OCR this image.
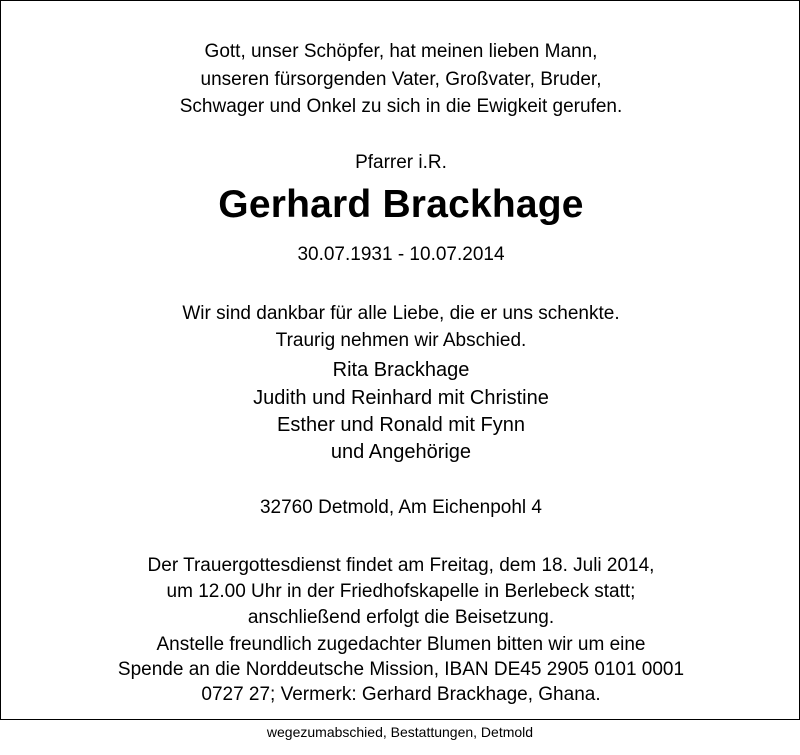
Gott, unser Schöpfer, hat meinen lieben Mann,
unseren fürsorgenden Vater, Großvater, Bruder,
Schwager und Onkel zu sich in die Ewigkeit gerufen.
Pfarrer i.R.
Gerhard Brackhage
30.07.1931 - 10.07.2014
Wir sind dankbar für alle Liebe, die er uns schenkte.
Traurig nehmen wir Abschied.
Rita Brackhage
Judith und Reinhard mit Christine
Esther und Ronald mit Fynn
und Angehörige
32760 Detmold, Am Eichenpohl 4
Der Trauergottesdienst findet am Freitag, dem 18. Juli 2014,
um 12.00 Uhr in der Friedhofskapelle in Berlebeck statt;
anschließend erfolgt die Beisetzung.
Anstelle freundlich zugedachter Blumen bitten wir um eine
Spende an die Norddeutsche Mission, IBAN DE45 2905 0101 0001
0727 27; Vermerk: Gerhard Brackhage, Ghana.
wegezumabschied, Bestattungen, Detmold
